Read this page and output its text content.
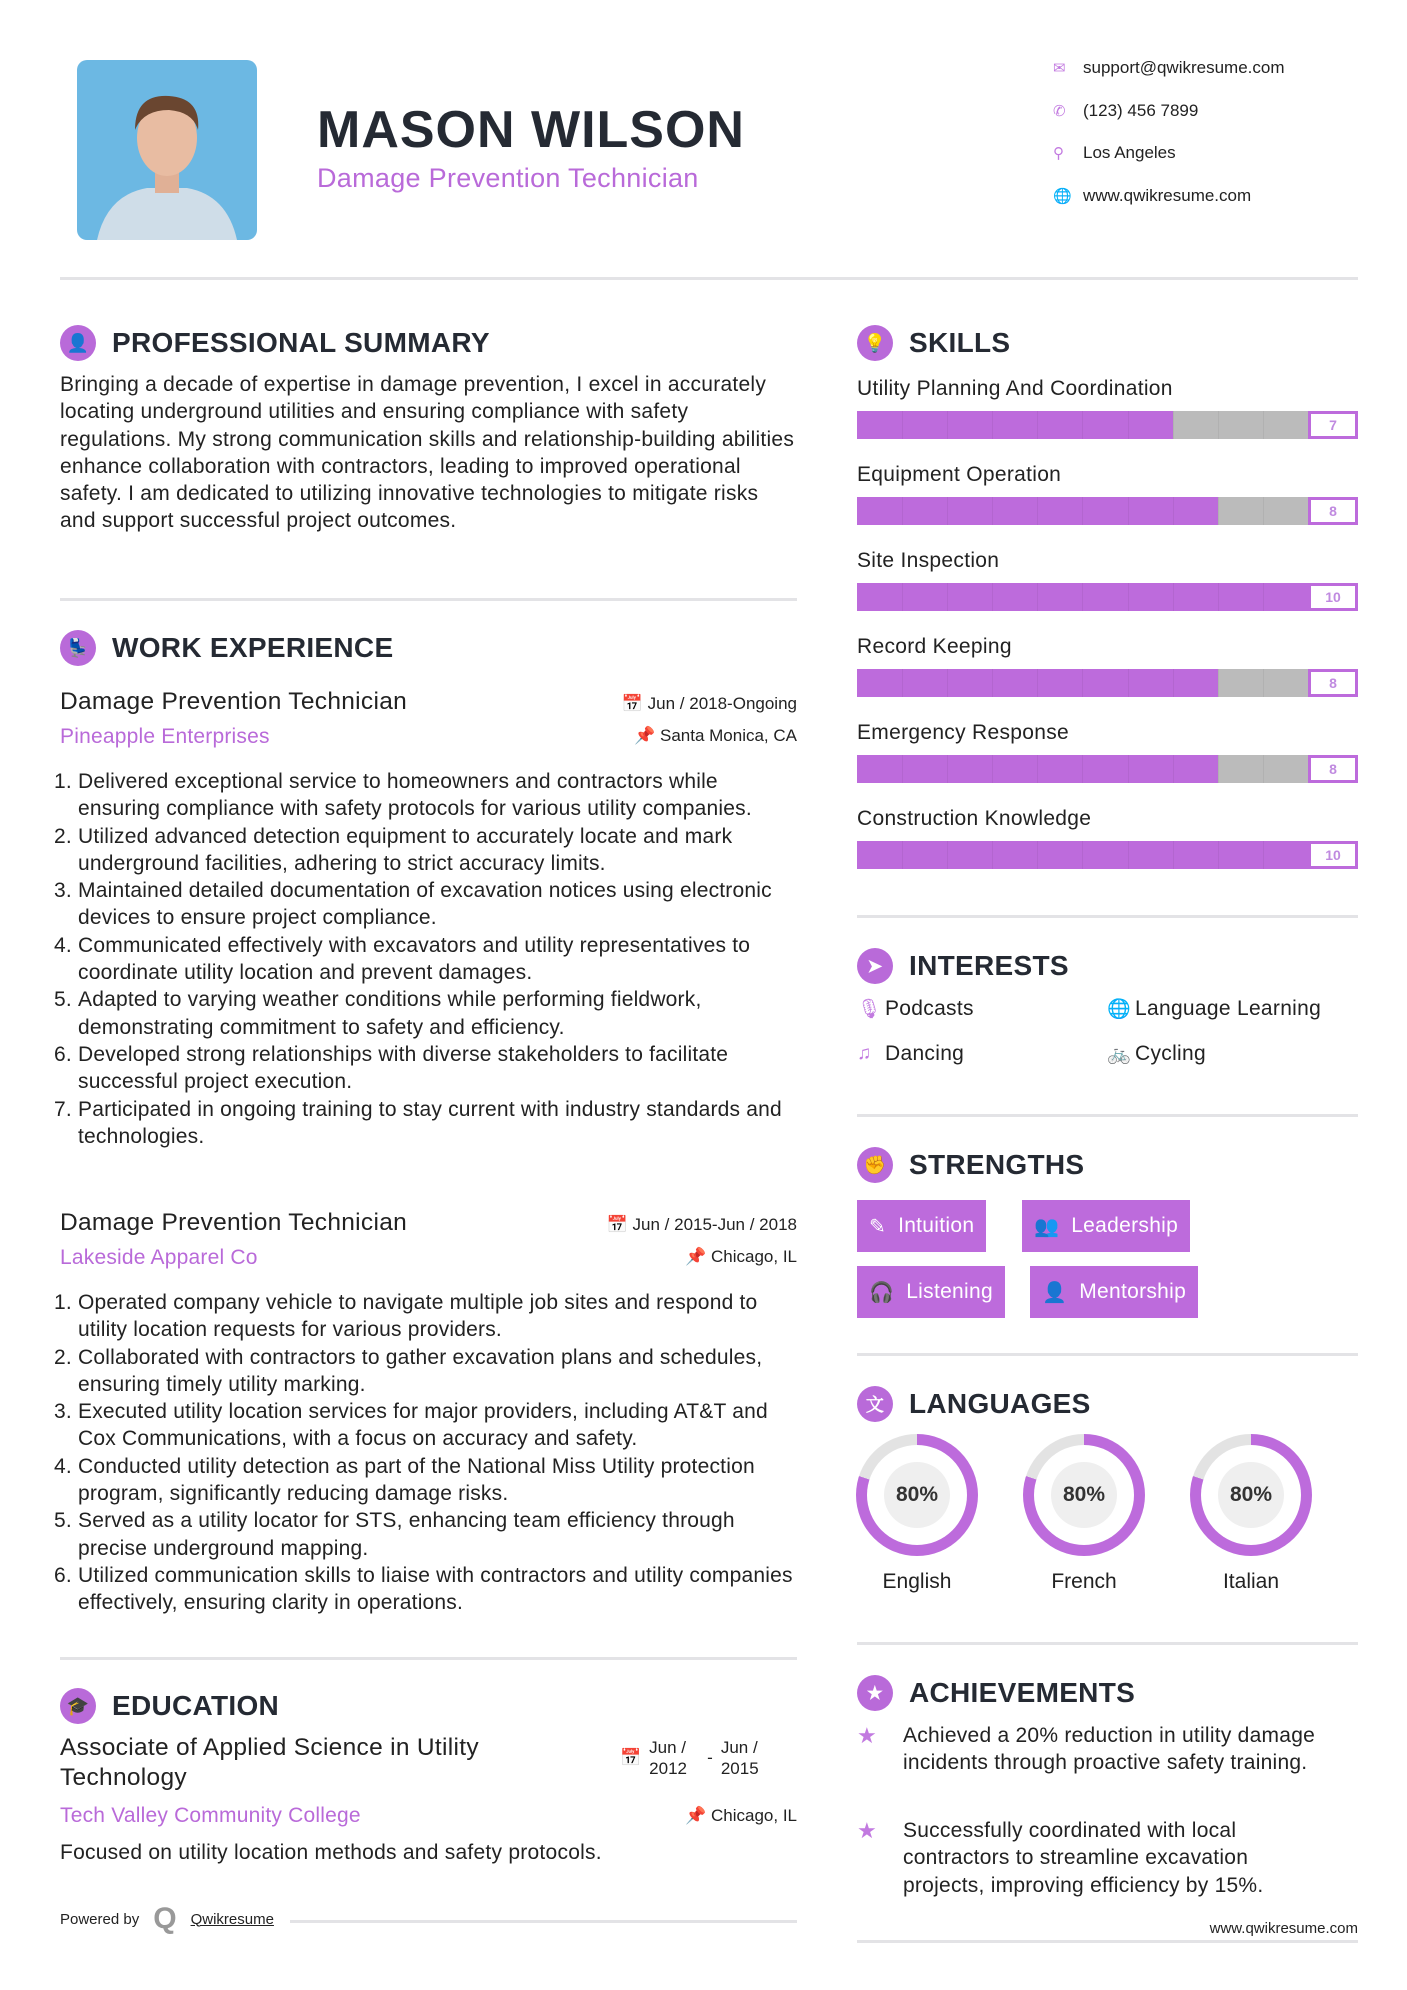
MASON WILSON
Damage Prevention Technician
✉	support@qwikresume.com
✆	(123) 456 7899
⚲	Los Angeles
🌐 www.qwikresume.com
👤 PROFESSIONAL SUMMARY

Bringing a decade of expertise in damage prevention, I excel in accurately locating underground utilities and ensuring compliance with safety regulations. My strong communication skills and relationship-building abilities enhance collaboration with contractors, leading to improved operational safety. I am dedicated to utilizing innovative technologies to mitigate risks and support successful project outcomes.

💺 WORK EXPERIENCE
Damage Prevention Technician
Pineapple Enterprises
📅 Jun / 2018-Ongoing
📌 Santa Monica, CA
1. Delivered exceptional service to homeowners and contractors while ensuring compliance with safety protocols for various utility companies.
2. Utilized advanced detection equipment to accurately locate and mark underground facilities, adhering to strict accuracy limits.
3. Maintained detailed documentation of excavation notices using electronic devices to ensure project compliance.
4. Communicated effectively with excavators and utility representatives to coordinate utility location and prevent damages.
5. Adapted to varying weather conditions while performing fieldwork, demonstrating commitment to safety and efficiency.
6. Developed strong relationships with diverse stakeholders to facilitate successful project execution.
7. Participated in ongoing training to stay current with industry standards and technologies.
Damage Prevention Technician
Lakeside Apparel Co
📅 Jun / 2015-Jun / 2018
📌 Chicago, IL
1. Operated company vehicle to navigate multiple job sites and respond to utility location requests for various providers.
2. Collaborated with contractors to gather excavation plans and schedules, ensuring timely utility marking.
3. Executed utility location services for major providers, including AT&T and Cox Communications, with a focus on accuracy and safety.
4. Conducted utility detection as part of the National Miss Utility protection program, significantly reducing damage risks.
5. Served as a utility locator for STS, enhancing team efficiency through precise underground mapping.
6. Utilized communication skills to liaise with contractors and utility companies effectively, ensuring clarity in operations.
🎓 EDUCATION
Associate of Applied Science in Utility Technology
📅
Jun / 2012
-
Jun / 2015
Tech Valley Community College	📌 Chicago, IL
Focused on utility location methods and safety protocols.
Powered by Q Qwikresume
💡 SKILLS
Utility Planning And Coordination
7
Equipment Operation
8
Site Inspection
10
Record Keeping
8
Emergency Response
8
Construction Knowledge
10
➤ INTERESTS
🎙 Podcasts	🌐 Language Learning
♫ Dancing	🚲 Cycling
✊ STRENGTHS
✎ Intuition	👥 Leadership
🎧 Listening 👤 Mentorship
文 LANGUAGES
80%
English
80%
French
80%
Italian
★ ACHIEVEMENTS
★	Achieved a 20% reduction in utility damage incidents through proactive safety training.
★	Successfully coordinated with local contractors to streamline excavation projects, improving efficiency by 15%.
www.qwikresume.com
